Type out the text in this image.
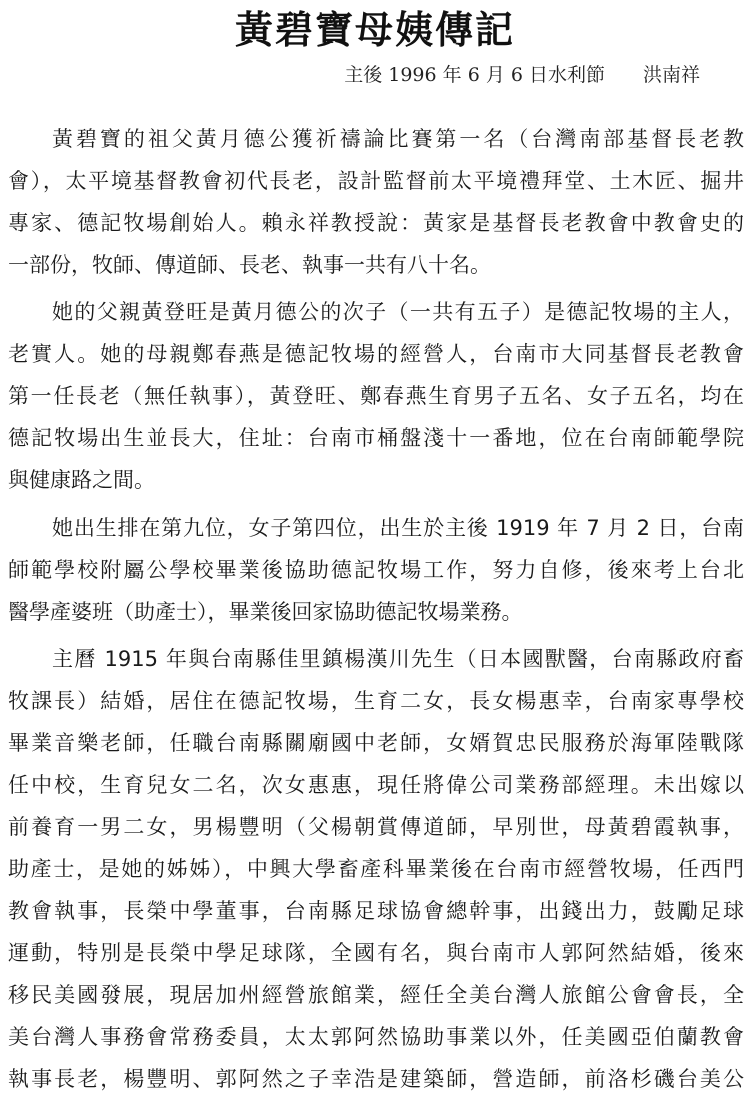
黃碧寶母姨傳記
主後 1996 年 6 月 6 日水利節　　洪南祥
黃碧寶的祖父黃月德公獲祈禱論比賽第一名（台灣南部基督長老教
會），太平境基督教會初代長老，設計監督前太平境禮拜堂、土木匠、掘井
專家、德記牧場創始人。賴永祥教授說：黃家是基督長老教會中教會史的
一部份，牧師、傳道師、長老、執事一共有八十名。
她的父親黃登旺是黃月德公的次子（一共有五子）是德記牧場的主人，
老實人。她的母親鄭春燕是德記牧場的經營人，台南市大同基督長老教會
第一任長老（無任執事），黃登旺、鄭春燕生育男子五名、女子五名，均在
德記牧場出生並長大，住址：台南市桶盤淺十一番地，位在台南師範學院
與健康路之間。
她出生排在第九位，女子第四位，出生於主後 1919 年 7 月 2 日，台南
師範學校附屬公學校畢業後協助德記牧場工作，努力自修，後來考上台北
醫學產婆班（助產士），畢業後回家協助德記牧場業務。
主曆 1915 年與台南縣佳里鎮楊漢川先生（日本國獸醫，台南縣政府畜
牧課長）結婚，居住在德記牧場，生育二女，長女楊惠幸，台南家專學校
畢業音樂老師，任職台南縣關廟國中老師，女婿賀忠民服務於海軍陸戰隊
任中校，生育兒女二名，次女惠惠，現任將偉公司業務部經理。未出嫁以
前養育一男二女，男楊豐明（父楊朝賞傳道師，早別世，母黃碧霞執事，
助產士，是她的姊姊），中興大學畜產科畢業後在台南市經營牧場，任西門
教會執事，長榮中學董事，台南縣足球協會總幹事，出錢出力，鼓勵足球
運動，特別是長榮中學足球隊，全國有名，與台南市人郭阿然結婚，後來
移民美國發展，現居加州經營旅館業，經任全美台灣人旅館公會會長，全
美台灣人事務會常務委員，太太郭阿然協助事業以外，任美國亞伯蘭教會
執事長老，楊豐明、郭阿然之子幸浩是建築師，營造師，前洛杉磯台美公
